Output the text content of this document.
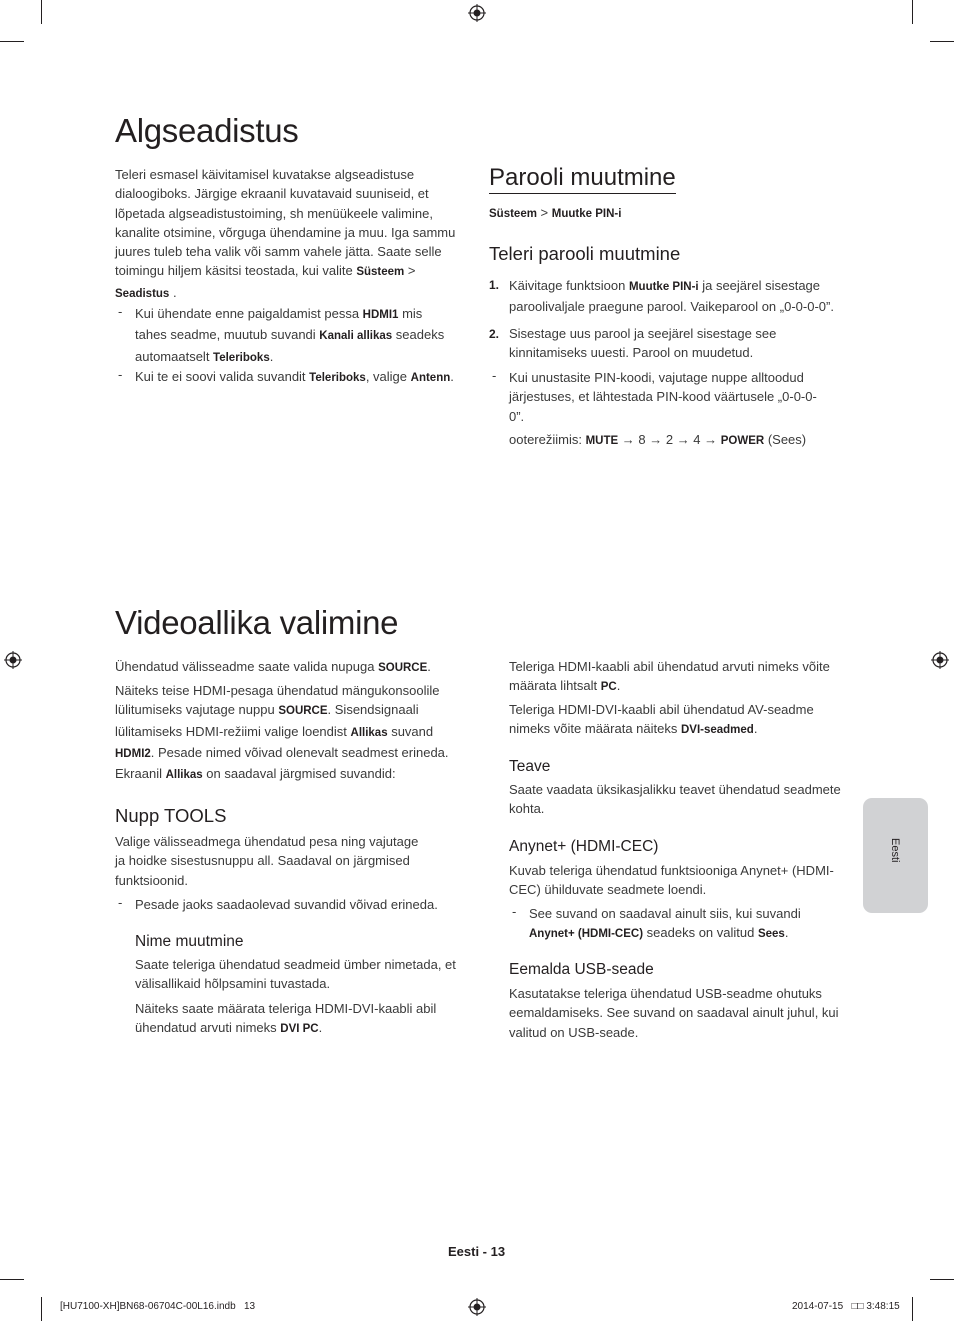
Algseadistus
Teleri esmasel käivitamisel kuvatakse algseadistuse
dialoogiboks. Järgige ekraanil kuvatavaid suuniseid, et
lõpetada algseadistustoiming, sh menüükeele valimine,
kanalite otsimine, võrguga ühendamine ja muu. Iga sammu
juures tuleb teha valik või samm vahele jätta. Saate selle
toimingu hiljem käsitsi teostada, kui valite Süsteem >
Seadistus .
- Kui ühendate enne paigaldamist pessa HDMI1 mis
tahes seadme, muutub suvandi Kanali allikas seadeks
automaatselt Teleriboks.
- Kui te ei soovi valida suvandit Teleriboks, valige Antenn.
Parooli muutmine
Süsteem > Muutke PIN-i
Teleri parooli muutmine
1. Käivitage funktsioon Muutke PIN-i ja seejärel sisestage
paroolivaljale praegune parool. Vaikeparool on „0-0-0-0”.
2. Sisestage uus parool ja seejärel sisestage see
kinnitamiseks uuesti. Parool on muudetud.
- Kui unustasite PIN-koodi, vajutage nuppe alltoodud
järjestuses, et lähtestada PIN-kood väärtusele „0-0-0-
0”.
ooterežiimis: MUTE → 8 → 2 → 4 → POWER (Sees)
Videoallika valimine
Ühendatud välisseadme saate valida nupuga SOURCE.
Näiteks teise HDMI-pesaga ühendatud mängukonsoolile
lülitumiseks vajutage nuppu SOURCE. Sisendsignaali
lülitamiseks HDMI-režiimi valige loendist Allikas suvand
HDMI2. Pesade nimed võivad olenevalt seadmest erineda.
Ekraanil Allikas on saadaval järgmised suvandid:
Nupp TOOLS
Valige välisseadmega ühendatud pesa ning vajutage
ja hoidke sisestusnuppu all. Saadaval on järgmised
funktsioonid.
- Pesade jaoks saadaolevad suvandid võivad erineda.
Nime muutmine
Saate teleriga ühendatud seadmeid ümber nimetada, et
välisallikaid hõlpsamini tuvastada.
Näiteks saate määrata teleriga HDMI-DVI-kaabli abil
ühendatud arvuti nimeks DVI PC.
Teleriga HDMI-kaabli abil ühendatud arvuti nimeks võite
määrata lihtsalt PC.
Teleriga HDMI-DVI-kaabli abil ühendatud AV-seadme
nimeks võite määrata näiteks DVI-seadmed.
Teave
Saate vaadata üksikasjalikku teavet ühendatud seadmete
kohta.
Anynet+ (HDMI-CEC)
Kuvab teleriga ühendatud funktsiooniga Anynet+ (HDMI-
CEC) ühilduvate seadmete loendi.
- See suvand on saadaval ainult siis, kui suvandi
Anynet+ (HDMI-CEC) seadeks on valitud Sees.
Eemalda USB-seade
Kasutatakse teleriga ühendatud USB-seadme ohutuks
eemaldamiseks. See suvand on saadaval ainult juhul, kui
valitud on USB-seade.
Eesti
Eesti - 13
[HU7100-XH]BN68-06704C-00L16.indb   13	2014-07-15   □□ 3:48:15
